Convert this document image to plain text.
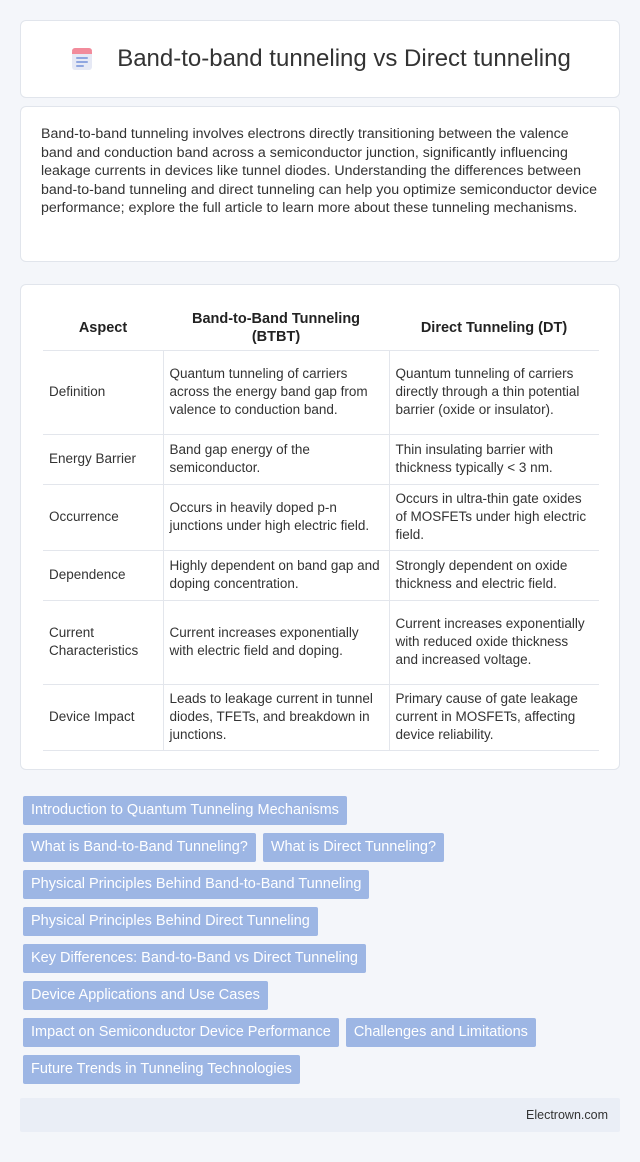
Band-to-band tunneling vs Direct tunneling

Band-to-band tunneling involves electrons directly transitioning between the valence band and conduction band across a semiconductor junction, significantly influencing leakage currents in devices like tunnel diodes. Understanding the differences between band-to-band tunneling and direct tunneling can help you optimize semiconductor device performance; explore the full article to learn more about these tunneling mechanisms.

Aspect	Band-to-Band Tunneling (BTBT)	Direct Tunneling (DT)
Definition	Quantum tunneling of carriers across the energy band gap from valence to conduction band.	Quantum tunneling of carriers directly through a thin potential barrier (oxide or insulator).
Energy Barrier	Band gap energy of the semiconductor.	Thin insulating barrier with thickness typically < 3 nm.
Occurrence	Occurs in heavily doped p-n junctions under high electric field.	Occurs in ultra-thin gate oxides of MOSFETs under high electric field.
Dependence	Highly dependent on band gap and doping concentration.	Strongly dependent on oxide thickness and electric field.
Current Characteristics	Current increases exponentially with electric field and doping.	Current increases exponentially with reduced oxide thickness and increased voltage.
Device Impact	Leads to leakage current in tunnel diodes, TFETs, and breakdown in junctions.	Primary cause of gate leakage current in MOSFETs, affecting device reliability.
Introduction to Quantum Tunneling Mechanisms
What is Band-to-Band Tunneling?	What is Direct Tunneling?
Physical Principles Behind Band-to-Band Tunneling
Physical Principles Behind Direct Tunneling
Key Differences: Band-to-Band vs Direct Tunneling
Device Applications and Use Cases
Impact on Semiconductor Device Performance	Challenges and Limitations
Future Trends in Tunneling Technologies
Electrown.com
